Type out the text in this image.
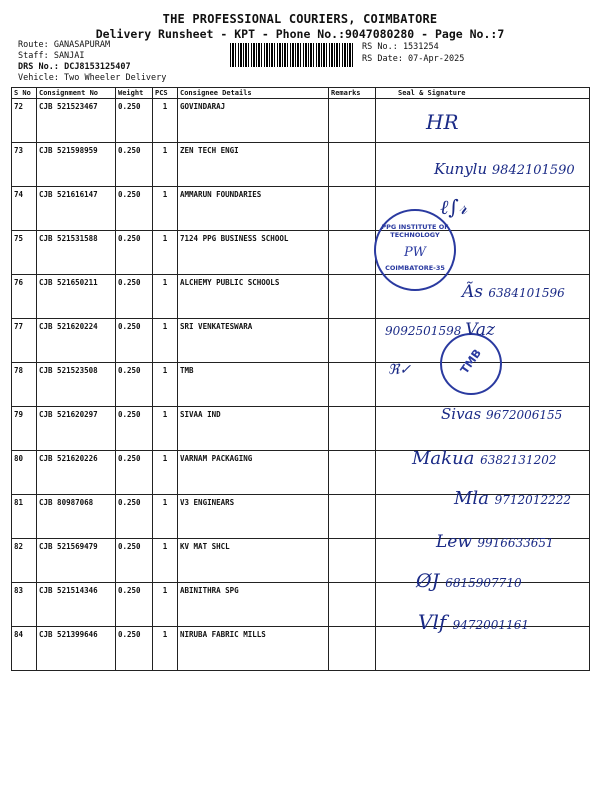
THE PROFESSIONAL COURIERS, COIMBATORE
Delivery Runsheet - KPT - Phone No.:9047080280 - Page No.:7
Route: GANASAPURAM
Staff: SANJAI
DRS No.: DCJ8153125407
Vehicle: Two Wheeler Delivery
RS No.: 1531254
RS Date: 07-Apr-2025
S No	Consignment No	Weight	PCS	Consignee Details	Remarks	Seal & Signature
72	CJB 521523467	0.250	1	GOVINDARAJ		
73	CJB 521598959	0.250	1	ZEN TECH ENGI		
74	CJB 521616147	0.250	1	AMMARUN FOUNDARIES		
75	CJB 521531588	0.250	1	7124 PPG BUSINESS SCHOOL		
76	CJB 521650211	0.250	1	ALCHEMY PUBLIC SCHOOLS		
77	CJB 521620224	0.250	1	SRI VENKATESWARA		
78	CJB 521523508	0.250	1	TMB		
79	CJB 521620297	0.250	1	SIVAA IND		
80	CJB 521620226	0.250	1	VARNAM PACKAGING		
81	CJB 80987068	0.250	1	V3 ENGINEARS		
82	CJB 521569479	0.250	1	KV MAT SHCL		
83	CJB 521514346	0.250	1	ABINITHRA SPG		
84	CJB 521399646	0.250	1	NIRUBA FABRIC MILLS		
PPG INSTITUTE OF TECHNOLOGY
PW
COIMBATORE-35
TMB
HR
Kunylu 9842101590
ℓ∫𝓇
Ãs 6384101596
9092501598 Vaz
ℜ✓
Sivas 9672006155
Makua 6382131202
Mla 9712012222
Lew 9916633651
ØJ 6815907710
Vlf 9472001161
